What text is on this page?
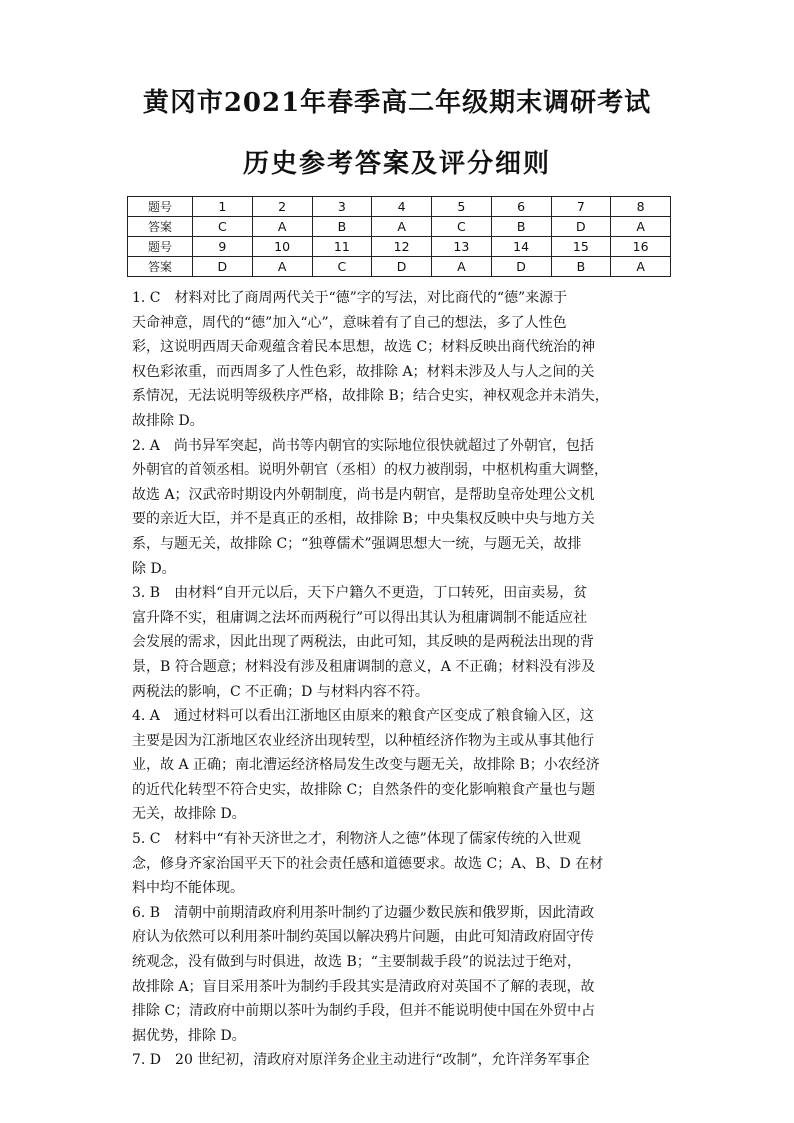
黄冈市2021年春季高二年级期末调研考试
历史参考答案及评分细则
题号	1	2	3	4	5	6	7	8
答案	C	A	B	A	C	B	D	A
题号	9	10	11	12	13	14	15	16
答案	D	A	C	D	A	D	B	A
1. C　材料对比了商周两代关于“德”字的写法，对比商代的“德”来源于
天命神意，周代的“德”加入“心”，意味着有了自己的想法，多了人性色
彩，这说明西周天命观蕴含着民本思想，故选 C；材料反映出商代统治的神
权色彩浓重，而西周多了人性色彩，故排除 A；材料未涉及人与人之间的关
系情况，无法说明等级秩序严格，故排除 B；结合史实，神权观念并未消失，
故排除 D。
2. A　尚书异军突起，尚书等内朝官的实际地位很快就超过了外朝官，包括
外朝官的首领丞相。说明外朝官（丞相）的权力被削弱，中枢机构重大调整，
故选 A；汉武帝时期设内外朝制度，尚书是内朝官，是帮助皇帝处理公文机
要的亲近大臣，并不是真正的丞相，故排除 B；中央集权反映中央与地方关
系，与题无关，故排除 C；“独尊儒术”强调思想大一统，与题无关，故排
除 D。
3. B　由材料“自开元以后，天下户籍久不更造，丁口转死，田亩卖易，贫
富升降不实，租庸调之法坏而两税行”可以得出其认为租庸调制不能适应社
会发展的需求，因此出现了两税法，由此可知，其反映的是两税法出现的背
景，B 符合题意；材料没有涉及租庸调制的意义，A 不正确；材料没有涉及
两税法的影响，C 不正确；D 与材料内容不符。
4. A　通过材料可以看出江浙地区由原来的粮食产区变成了粮食输入区，这
主要是因为江浙地区农业经济出现转型，以种植经济作物为主或从事其他行
业，故 A 正确；南北漕运经济格局发生改变与题无关，故排除 B；小农经济
的近代化转型不符合史实，故排除 C；自然条件的变化影响粮食产量也与题
无关，故排除 D。
5. C　材料中“有补天济世之才，利物济人之德”体现了儒家传统的入世观
念，修身齐家治国平天下的社会责任感和道德要求。故选 C；A、B、D 在材
料中均不能体现。
6. B　清朝中前期清政府利用茶叶制约了边疆少数民族和俄罗斯，因此清政
府认为依然可以利用茶叶制约英国以解决鸦片问题，由此可知清政府固守传
统观念，没有做到与时俱进，故选 B；“主要制裁手段”的说法过于绝对，
故排除 A；盲目采用茶叶为制约手段其实是清政府对英国不了解的表现，故
排除 C；清政府中前期以茶叶为制约手段，但并不能说明使中国在外贸中占
据优势，排除 D。
7. D　20 世纪初，清政府对原洋务企业主动进行“改制”，允许洋务军事企
